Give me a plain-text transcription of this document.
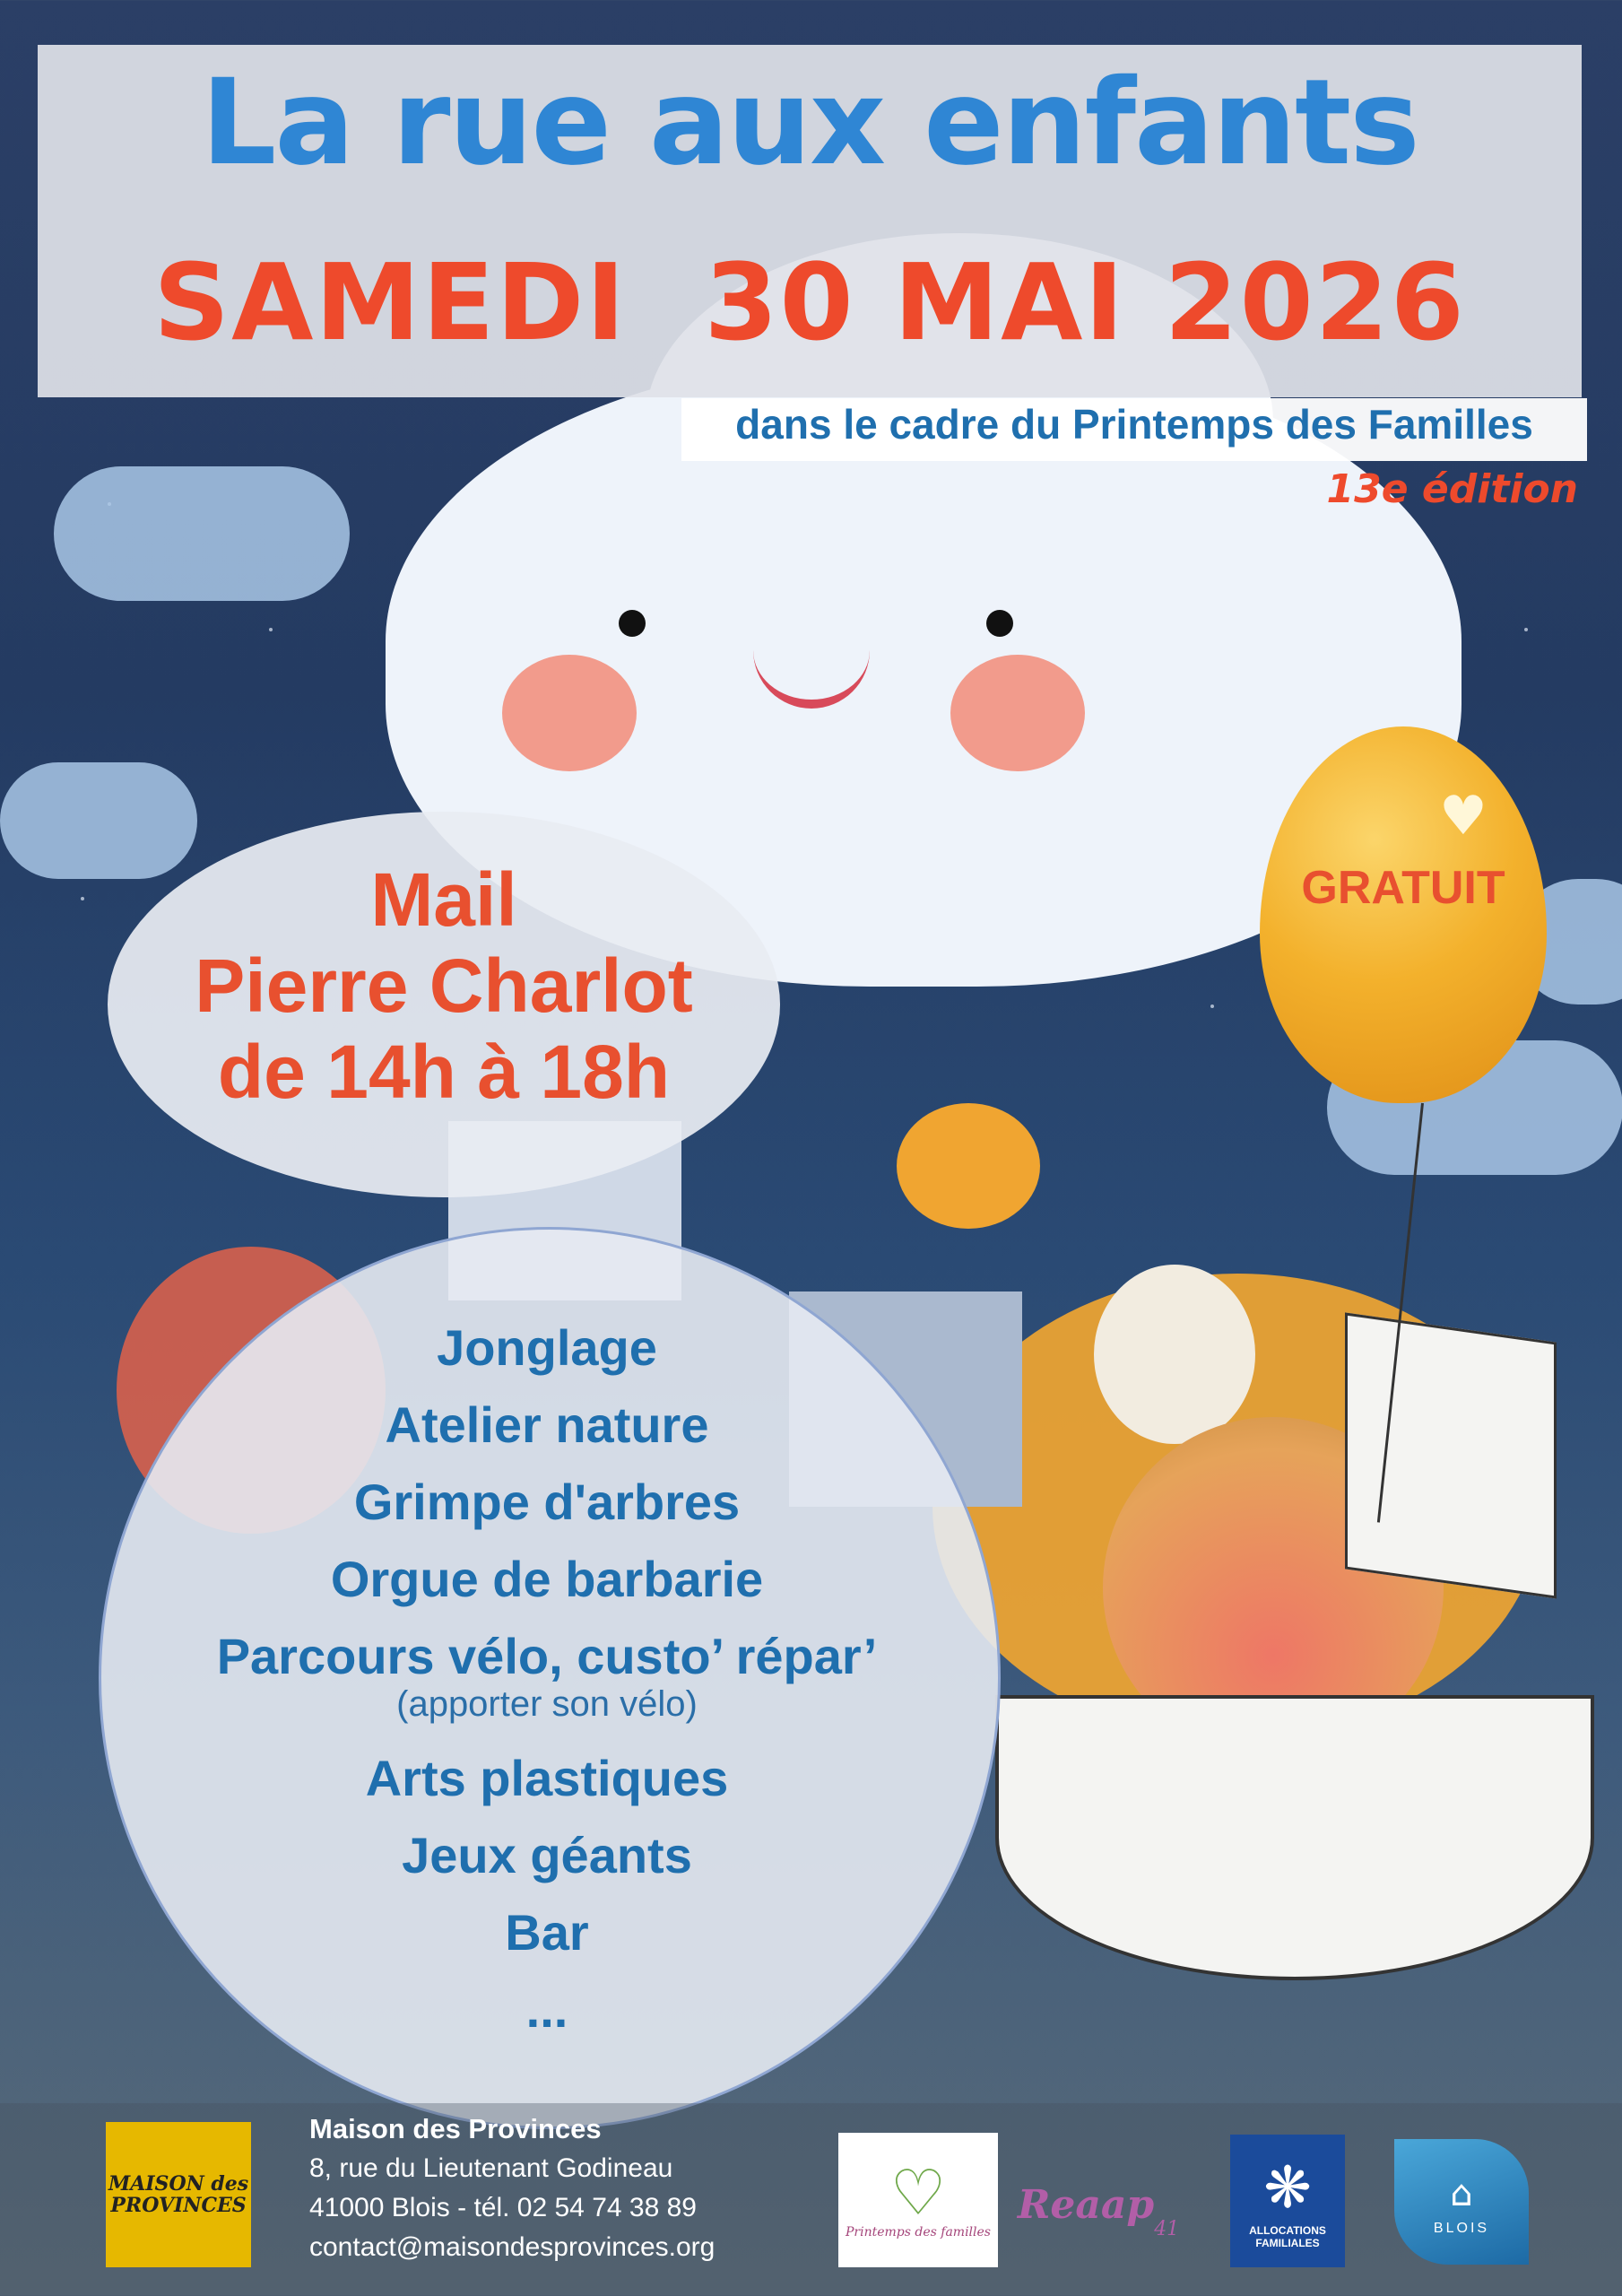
La rue aux enfants
SAMEDI  30 MAI 2026
dans le cadre du Printemps des Familles
13e édition
♥
GRATUIT
Mail
Pierre Charlot
de 14h à 18h
Jonglage
Atelier nature
Grimpe d'arbres
Orgue de barbarie
Parcours vélo, custo’ répar’
(apporter son vélo)
Arts plastiques
Jeux géants
Bar
...
MAISON des PROVINCES
Maison des Provinces
8, rue du Lieutenant Godineau
41000 Blois - tél. 02 54 74 38 89
contact@maisondesprovinces.org
♡
Printemps des familles
Reaap
41
❋
ALLOCATIONS FAMILIALES
⌂
BLOIS
